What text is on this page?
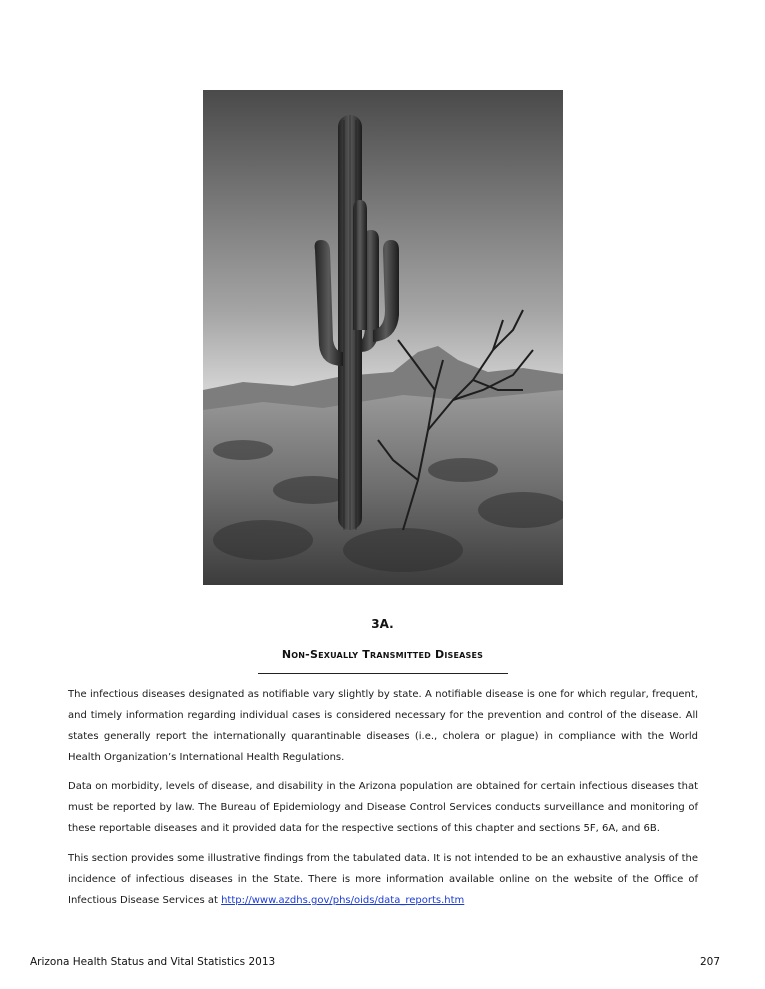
3A.
Non-Sexually Transmitted Diseases

The infectious diseases designated as notifiable vary slightly by state. A notifiable disease is one for which regular, frequent, and timely information regarding individual cases is considered necessary for the prevention and control of the disease. All states generally report the internationally quarantinable diseases (i.e., cholera or plague) in compliance with the World Health Organization’s International Health Regulations.

Data on morbidity, levels of disease, and disability in the Arizona population are obtained for certain infectious diseases that must be reported by law. The Bureau of Epidemiology and Disease Control Services conducts surveillance and monitoring of these reportable diseases and it provided data for the respective sections of this chapter and sections 5F, 6A, and 6B.

This section provides some illustrative findings from the tabulated data. It is not intended to be an exhaustive analysis of the incidence of infectious diseases in the State. There is more information available online on the website of the Office of Infectious Disease Services at http://www.azdhs.gov/phs/oids/data_reports.htm

Arizona Health Status and Vital Statistics 2013	207
